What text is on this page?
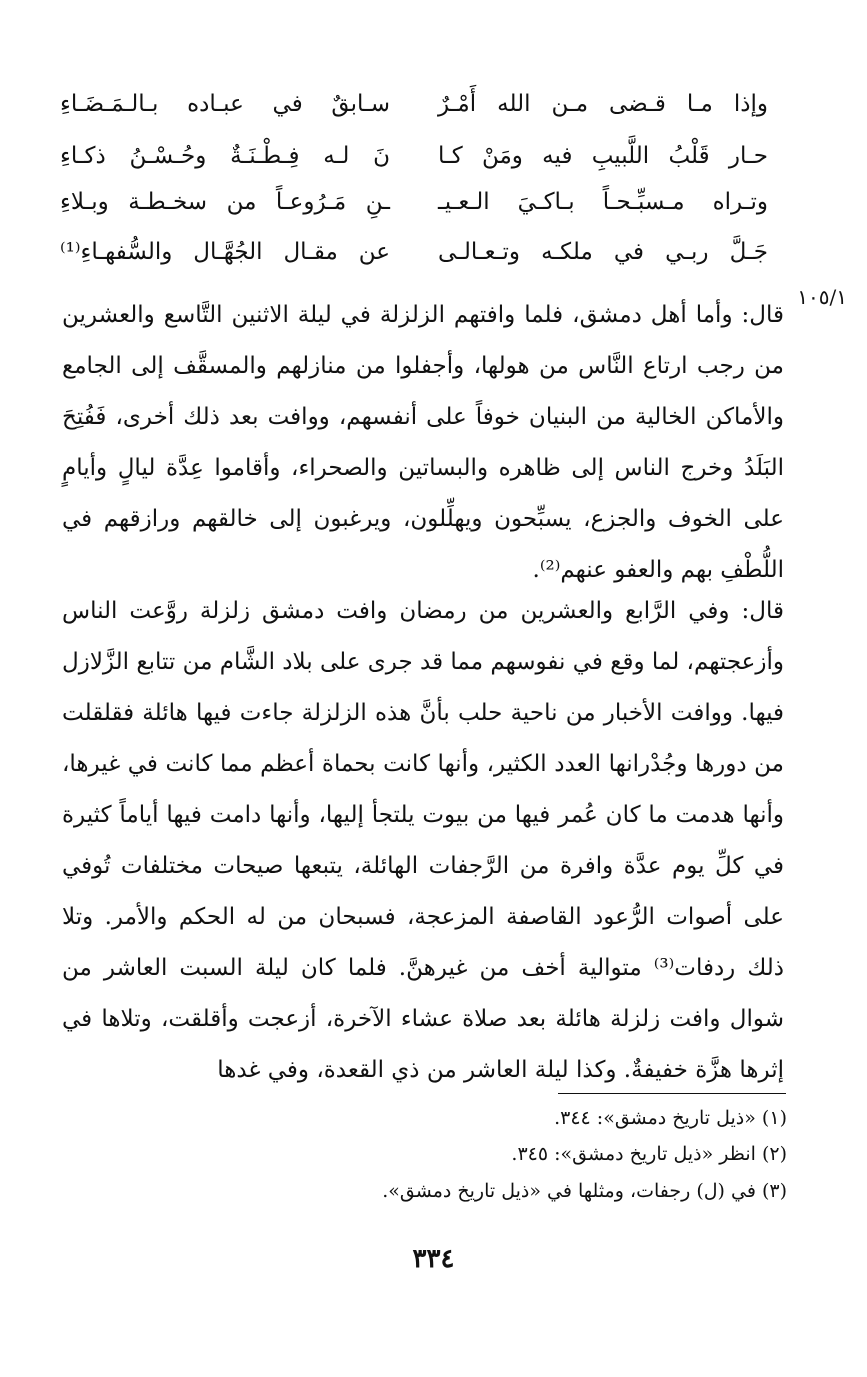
وإذا مـا قـضى مـن الله أَمْـرٌ
سـابقٌ في عبـاده بـالـمَـضَـاءِ
حـار قَلْبُ اللَّبيبِ فيه ومَنْ كـا
نَ لـه فِـطْـنَـةٌ وحُـسْـنُ ذكـاءِ
وتـراه مـسبِّـحـاً بـاكـيَ الـعـيـ
ـنِ مَـرُوعـاً من سخـطـة وبـلاءِ
جَـلَّ ربـي في ملكـه وتـعـالـى
عن مقـال الجُهَّـال والسُّفهـاءِ⁽¹⁾
١٠٥/١

قال: وأما أهل دمشق، فلما وافتهم الزلزلة في ليلة الاثنين التَّاسع والعشرين من رجب ارتاع النَّاس من هولها، وأجفلوا من منازلهم والمسقَّف إلى الجامع والأماكن الخالية من البنيان خوفاً على أنفسهم، ووافت بعد ذلك أخرى، فَفُتِحَ البَلَدُ وخرج الناس إلى ظاهره والبساتين والصحراء، وأقاموا عِدَّة ليالٍ وأيامٍ على الخوف والجزع، يسبِّحون ويهلِّلون، ويرغبون إلى خالقهم ورازقهم في اللُّطْفِ بهم والعفو عنهم⁽²⁾.

قال: وفي الرَّابع والعشرين من رمضان وافت دمشق زلزلة روَّعت الناس وأزعجتهم، لما وقع في نفوسهم مما قد جرى على بلاد الشَّام من تتابع الزَّلازل فيها. ووافت الأخبار من ناحية حلب بأنَّ هذه الزلزلة جاءت فيها هائلة فقلقلت من دورها وجُدْرانها العدد الكثير، وأنها كانت بحماة أعظم مما كانت في غيرها، وأنها هدمت ما كان عُمر فيها من بيوت يلتجأ إليها، وأنها دامت فيها أياماً كثيرة في كلِّ يوم عدَّة وافرة من الرَّجفات الهائلة، يتبعها صيحات مختلفات تُوفي على أصوات الرُّعود القاصفة المزعجة، فسبحان من له الحكم والأمر. وتلا ذلك ردفات⁽³⁾ متوالية أخف من غيرهنَّ. فلما كان ليلة السبت العاشر من شوال وافت زلزلة هائلة بعد صلاة عشاء الآخرة، أزعجت وأقلقت، وتلاها في إثرها هزَّة خفيفةٌ. وكذا ليلة العاشر من ذي القعدة، وفي غدها

(١) «ذيل تاريخ دمشق»: ٣٤٤.
(٢) انظر «ذيل تاريخ دمشق»: ٣٤٥.
(٣) في (ل) رجفات، ومثلها في «ذيل تاريخ دمشق».
٣٣٤
